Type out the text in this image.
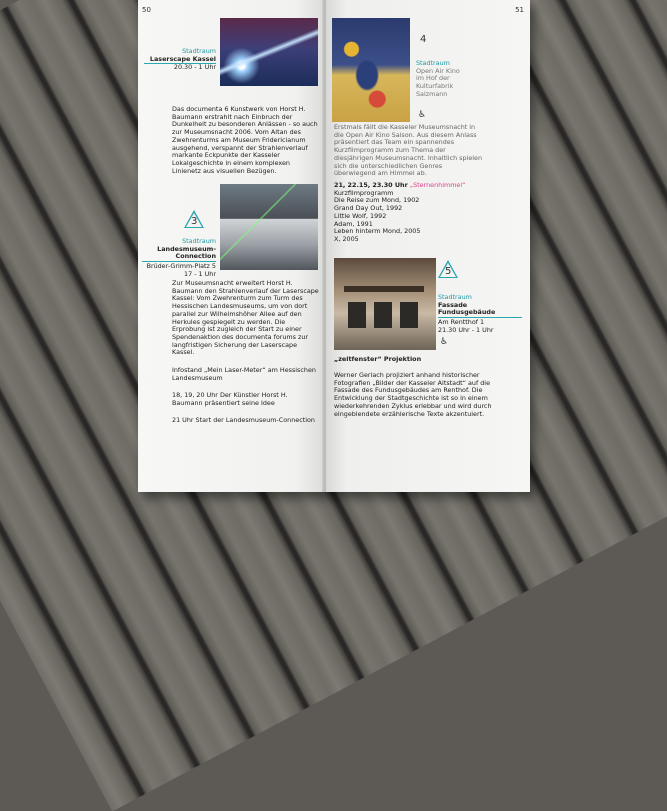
50

Stadtraum

Laserscape Kassel

20.30 - 1 Uhr
Das documenta 6 Kunstwerk von Horst H. Baumann erstrahlt nach Einbruch der Dunkelheit zu besonderen Anlässen - so auch zur Museumsnacht 2006. Vom Altan des Zwehrenturms am Museum Fridericianum ausgehend, verspannt der Strahlenverlauf markante Eckpunkte der Kasseler Lokalgeschichte in einem komplexen Linienetz aus visuellen Bezügen.
3

Stadtraum

Landesmuseum-

Connection

Brüder-Grimm-Platz 5

17 - 1 Uhr

Zur Museumsnacht erweitert Horst H. Baumann den Strahlenverlauf der Laserscape Kassel: Vom Zwehrenturm zum Turm des Hessischen Landesmuseums, um von dort parallel zur Wilhelmshöher Allee auf den Herkules gespiegelt zu werden. Die Erprobung ist zugleich der Start zu einer Spendenaktion des documenta forums zur langfristigen Sicherung der Laserscape Kassel.
Infostand „Mein Laser-Meter“ am Hessischen Landesmuseum
18, 19, 20 Uhr Der Künstler Horst H. Baumann präsentiert seine Idee
21 Uhr Start der Landesmuseum-Connection
51
4

Stadtraum

Open Air Kino

im Hof der Kulturfabrik Salzmann

♿
Erstmals fällt die Kasseler Museumsnacht in die Open Air Kino Saison. Aus diesem Anlass präsentiert das Team ein spannendes Kurzfilmprogramm zum Thema der diesjährigen Museumsnacht. Inhaltlich spielen sich die unterschiedlichen Genres überwiegend am Himmel ab.

21, 22.15, 23.30 Uhr „Sternenhimmel“

Kurzfilmprogramm

Die Reise zum Mond, 1902

Grand Day Out, 1992

Little Wolf, 1992

Adam, 1991

Leben hinterm Mond, 2005

X, 2005

5

Stadtraum

Fassade

Fundusgebäude

Am Rentthof 1

21.30 Uhr - 1 Uhr

♿
„zeitfenster“ Projektion
Werner Gerlach projiziert anhand historischer Fotografien „Bilder der Kasseler Altstadt“ auf die Fassade des Fundusgebäudes am Renthof. Die Entwicklung der Stadtgeschichte ist so in einem wiederkehrenden Zyklus erlebbar und wird durch eingeblendete erzählerische Texte akzentuiert.
